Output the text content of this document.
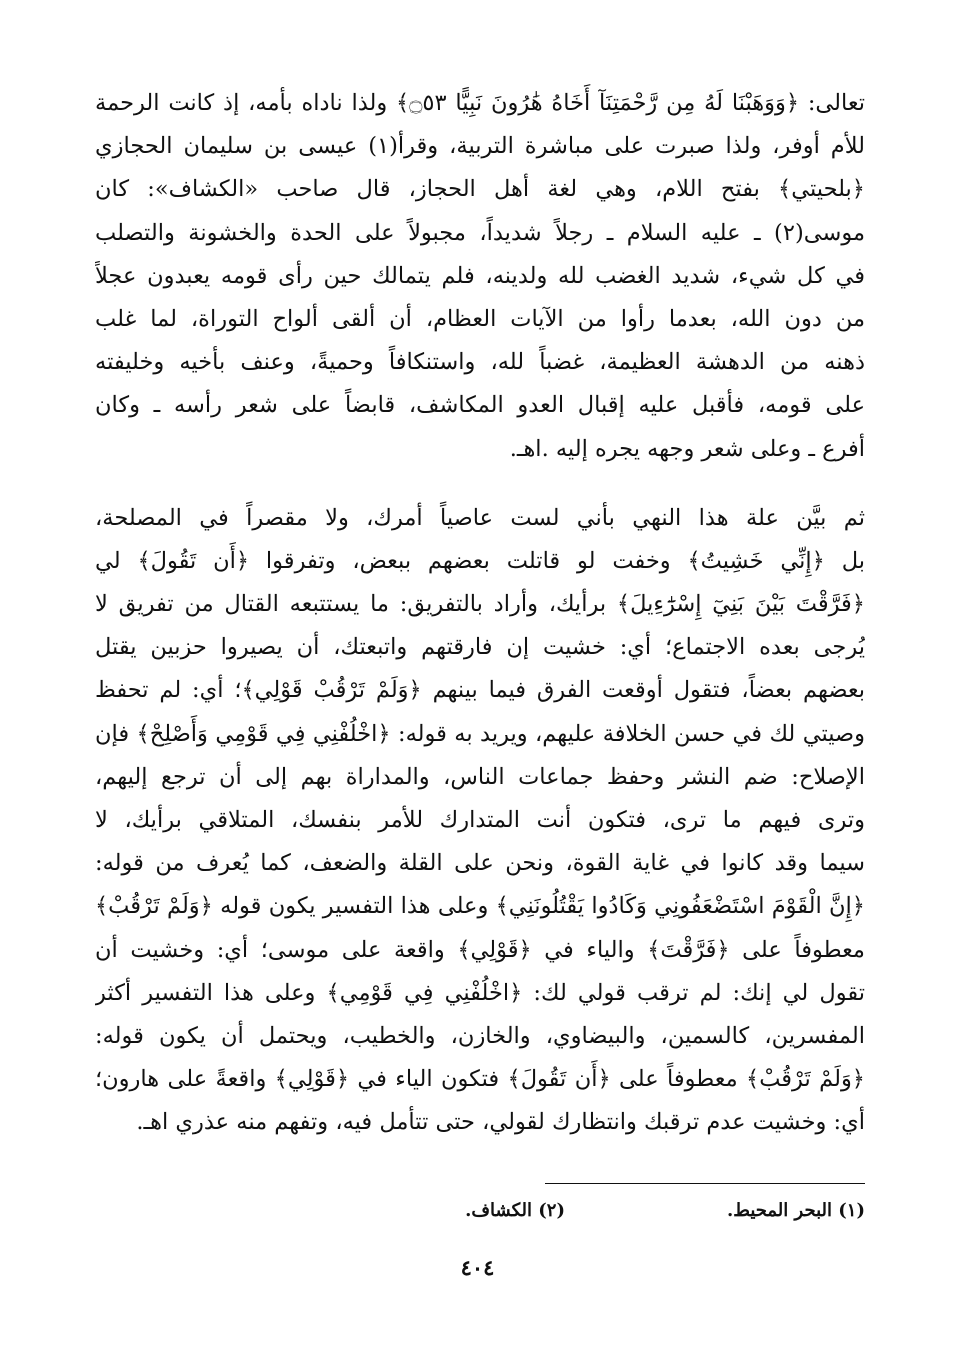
تعالى: ﴿وَوَهَبْنَا لَهُ مِن رَّحْمَتِنَآ أَخَاهُ هَٰرُونَ نَبِيًّا ۝٥٣﴾ ولذا ناداه بأمه، إذ كانت الرحمة
للأم أوفر، ولذا صبرت على مباشرة التربية، وقرأ(١) عيسى بن سليمان الحجازي
﴿بلحيتي﴾ بفتح اللام، وهي لغة أهل الحجاز، قال صاحب «الكشاف»: كان
موسى(٢) ـ عليه السلام ـ رجلاً شديداً، مجبولاً على الحدة والخشونة والتصلب
في كل شيء، شديد الغضب لله ولدينه، فلم يتمالك حين رأى قومه يعبدون عجلاً
من دون الله، بعدما رأوا من الآيات العظام، أن ألقى ألواح التوراة، لما غلب
ذهنه من الدهشة العظيمة، غضباً لله، واستنكافاً وحميةً، وعنف بأخيه وخليفته
على قومه، فأقبل عليه إقبال العدو المكاشف، قابضاً على شعر رأسه ـ وكان
أفرع ـ وعلى شعر وجهه يجره إليه .اهـ.
ثم بيَّن علة هذا النهي بأني لست عاصياً أمرك، ولا مقصراً في المصلحة،
بل ﴿إِنِّي خَشِيتُ﴾ وخفت لو قاتلت بعضهم ببعض، وتفرقوا ﴿أَن تَقُولَ﴾ لي
﴿فَرَّقْتَ بَيْنَ بَنِيٓ إِسْرَٰٓءِيلَ﴾ برأيك، وأراد بالتفريق: ما يستتبعه القتال من تفريق لا
يُرجى بعده الاجتماع؛ أي: خشيت إن فارقتهم واتبعتك، أن يصيروا حزبين يقتل
بعضهم بعضاً، فتقول أوقعت الفرق فيما بينهم ﴿وَلَمْ تَرْقُبْ قَوْلِي﴾؛ أي: لم تحفظ
وصيتي لك في حسن الخلافة عليهم، ويريد به قوله: ﴿اخْلُفْنِي فِي قَوْمِي وَأَصْلِحْ﴾ فإن
الإصلاح: ضم النشر وحفظ جماعات الناس، والمداراة بهم إلى أن ترجع إليهم،
وترى فيهم ما ترى، فتكون أنت المتدارك للأمر بنفسك، المتلاقي برأيك، لا
سيما وقد كانوا في غاية القوة، ونحن على القلة والضعف، كما يُعرف من قوله:
﴿إِنَّ الْقَوْمَ اسْتَضْعَفُونِي وَكَادُوا يَقْتُلُونَنِي﴾ وعلى هذا التفسير يكون قوله ﴿وَلَمْ تَرْقُبْ﴾
معطوفاً على ﴿فَرَّقْتَ﴾ والياء في ﴿قَوْلِي﴾ واقعة على موسى؛ أي: وخشيت أن
تقول لي إنك: لم ترقب قولي لك: ﴿اخْلُفْنِي فِي قَوْمِي﴾ وعلى هذا التفسير أكثر
المفسرين، كالسمين، والبيضاوي، والخازن، والخطيب، ويحتمل أن يكون قوله:
﴿وَلَمْ تَرْقُبْ﴾ معطوفاً على ﴿أَن تَقُولَ﴾ فتكون الياء في ﴿قَوْلِي﴾ واقعةً على هارون؛
أي: وخشيت عدم ترقبك وانتظارك لقولي، حتى تتأمل فيه، وتفهم منه عذري اهـ.
(١) البحر المحيط.
(٢) الكشاف.
٤٠٤
